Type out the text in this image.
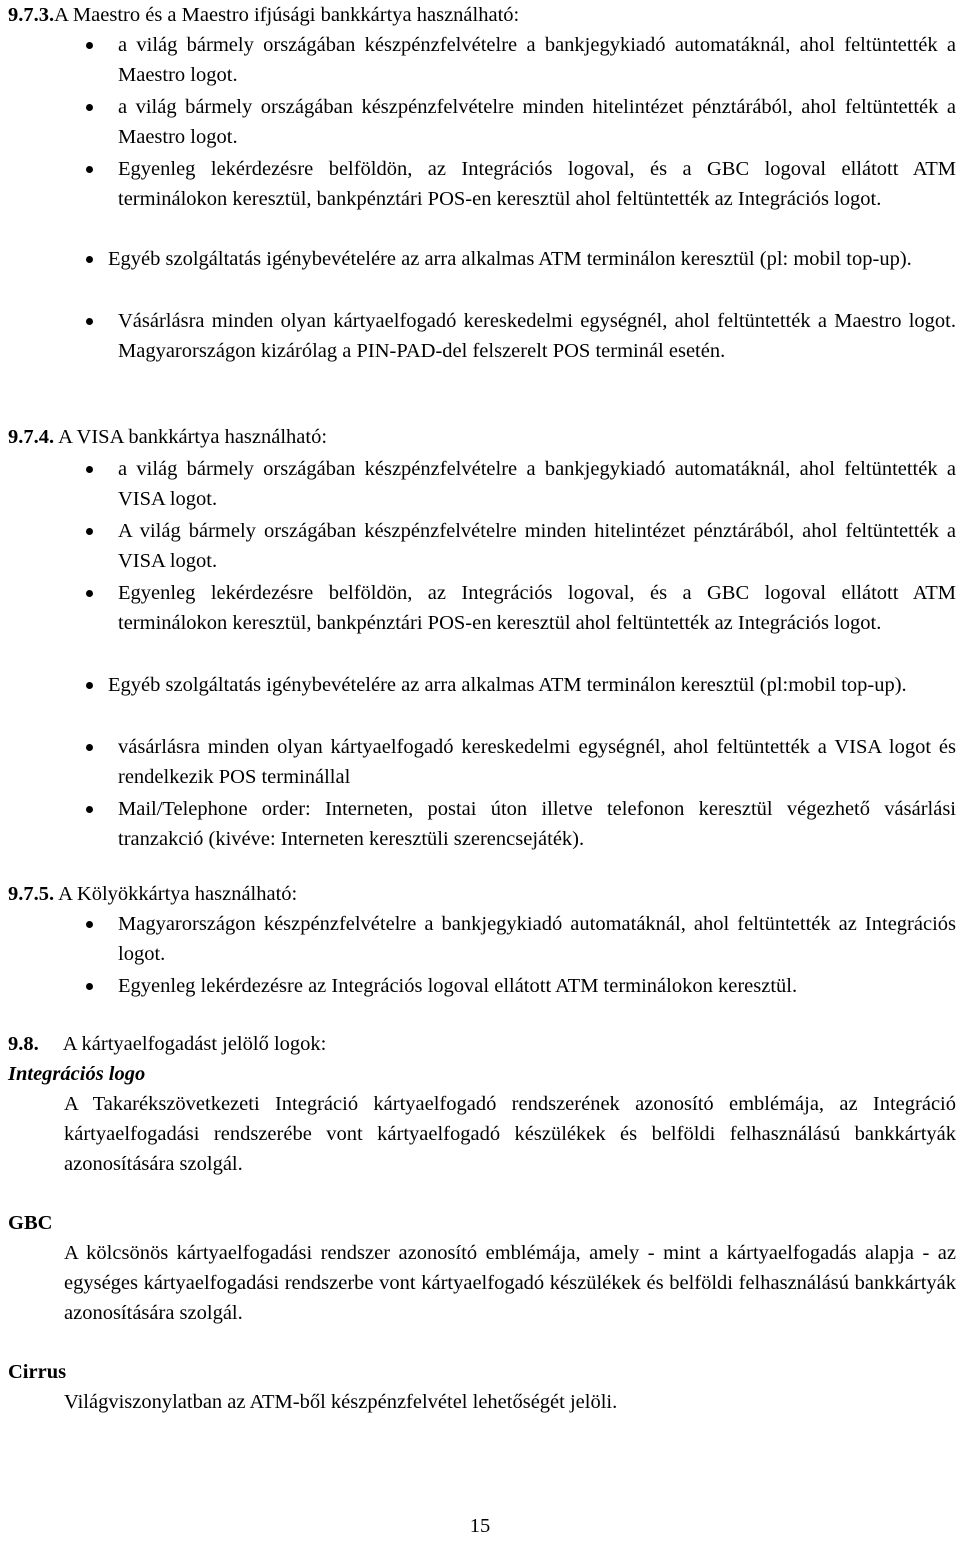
9.7.3.A Maestro és a Maestro ifjúsági bankkártya használható:
a világ bármely országában készpénzfelvételre a bankjegykiadó automatáknál, ahol feltüntették a Maestro logot.
a világ bármely országában készpénzfelvételre minden hitelintézet pénztárából, ahol feltüntették a Maestro logot.
Egyenleg lekérdezésre belföldön, az Integrációs logoval, és a GBC logoval ellátott ATM terminálokon keresztül, bankpénztári POS-en keresztül ahol feltüntették az Integrációs logot.
Egyéb szolgáltatás igénybevételére az arra alkalmas ATM terminálon keresztül (pl: mobil top-up).
Vásárlásra minden olyan kártyaelfogadó kereskedelmi egységnél, ahol feltüntették a Maestro logot. Magyarországon kizárólag a PIN-PAD-del felszerelt POS terminál esetén.
9.7.4. A VISA bankkártya használható:
a világ bármely országában készpénzfelvételre a bankjegykiadó automatáknál, ahol feltüntették a VISA logot.
A világ bármely országában készpénzfelvételre minden hitelintézet pénztárából, ahol feltüntették a VISA logot.
Egyenleg lekérdezésre belföldön, az Integrációs logoval, és a GBC logoval ellátott ATM terminálokon keresztül, bankpénztári POS-en keresztül ahol feltüntették az Integrációs logot.
Egyéb szolgáltatás igénybevételére az arra alkalmas ATM terminálon keresztül (pl:mobil top-up).
vásárlásra minden olyan kártyaelfogadó kereskedelmi egységnél, ahol feltüntették a VISA logot és rendelkezik POS terminállal
Mail/Telephone order: Interneten, postai úton illetve telefonon keresztül végezhető vásárlási tranzakció (kivéve: Interneten keresztüli szerencsejáték).
9.7.5. A Kölyökkártya használható:
Magyarországon készpénzfelvételre a bankjegykiadó automatáknál, ahol feltüntették az Integrációs logot.
Egyenleg lekérdezésre az Integrációs logoval ellátott ATM terminálokon keresztül.
9.8. A kártyaelfogadást jelölő logok:
Integrációs logo

A Takarékszövetkezeti Integráció kártyaelfogadó rendszerének azonosító emblémája, az Integráció kártyaelfogadási rendszerébe vont kártyaelfogadó készülékek és belföldi felhasználású bankkártyák azonosítására szolgál.

GBC

A kölcsönös kártyaelfogadási rendszer azonosító emblémája, amely - mint a kártyaelfogadás alapja - az egységes kártyaelfogadási rendszerbe vont kártyaelfogadó készülékek és belföldi felhasználású bankkártyák azonosítására szolgál.

Cirrus

Világviszonylatban az ATM-ből készpénzfelvétel lehetőségét jelöli.

15
